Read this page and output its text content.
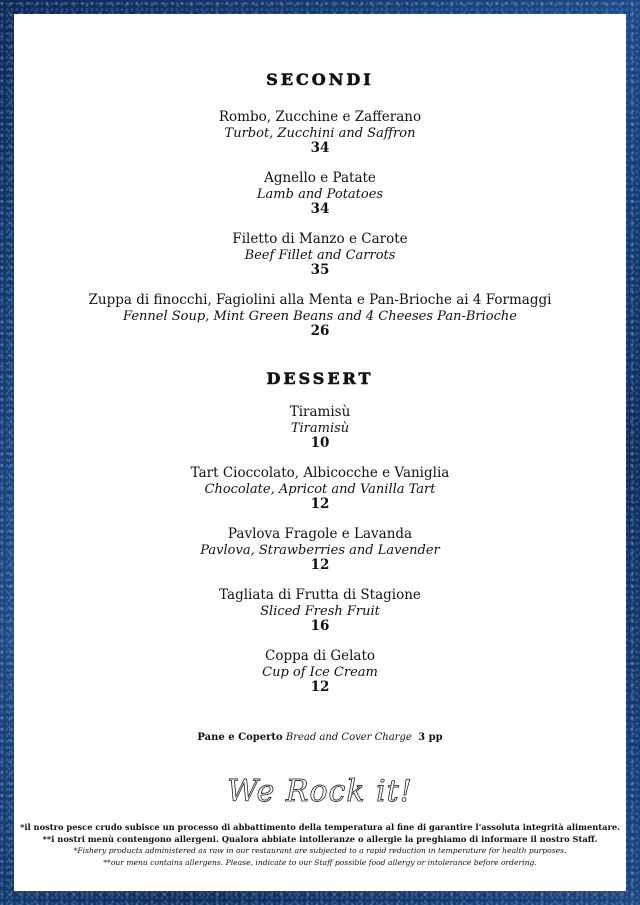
SECONDI
Rombo, Zucchine e Zafferano
Turbot, Zucchini and Saffron
34
Agnello e Patate
Lamb and Potatoes
34
Filetto di Manzo e Carote
Beef Fillet and Carrots
35
Zuppa di finocchi, Fagiolini alla Menta e Pan-Brioche ai 4 Formaggi
Fennel Soup, Mint Green Beans and 4 Cheeses Pan-Brioche
26
DESSERT
Tiramisù
Tiramisù
10
Tart Cioccolato, Albicocche e Vaniglia
Chocolate, Apricot and Vanilla Tart
12
Pavlova Fragole e Lavanda
Pavlova, Strawberries and Lavender
12
Tagliata di Frutta di Stagione
Sliced Fresh Fruit
16
Coppa di Gelato
Cup of Ice Cream
12
Pane e Coperto Bread and Cover Charge 3 pp
We Rock it!
*il nostro pesce crudo subisce un processo di abbattimento della temperatura al fine di garantire l'assoluta integrità alimentare.
**i nostri menù contengono allergeni. Qualora abbiate intolleranze o allergie la preghiamo di informare il nostro Staff.
*Fishery products administered as raw in our restaurant are subjected to a rapid reduction in temperature for health purposes.
**our menu contains allergens. Please, indicate to our Staff possible food allergy or intolerance before ordering.
